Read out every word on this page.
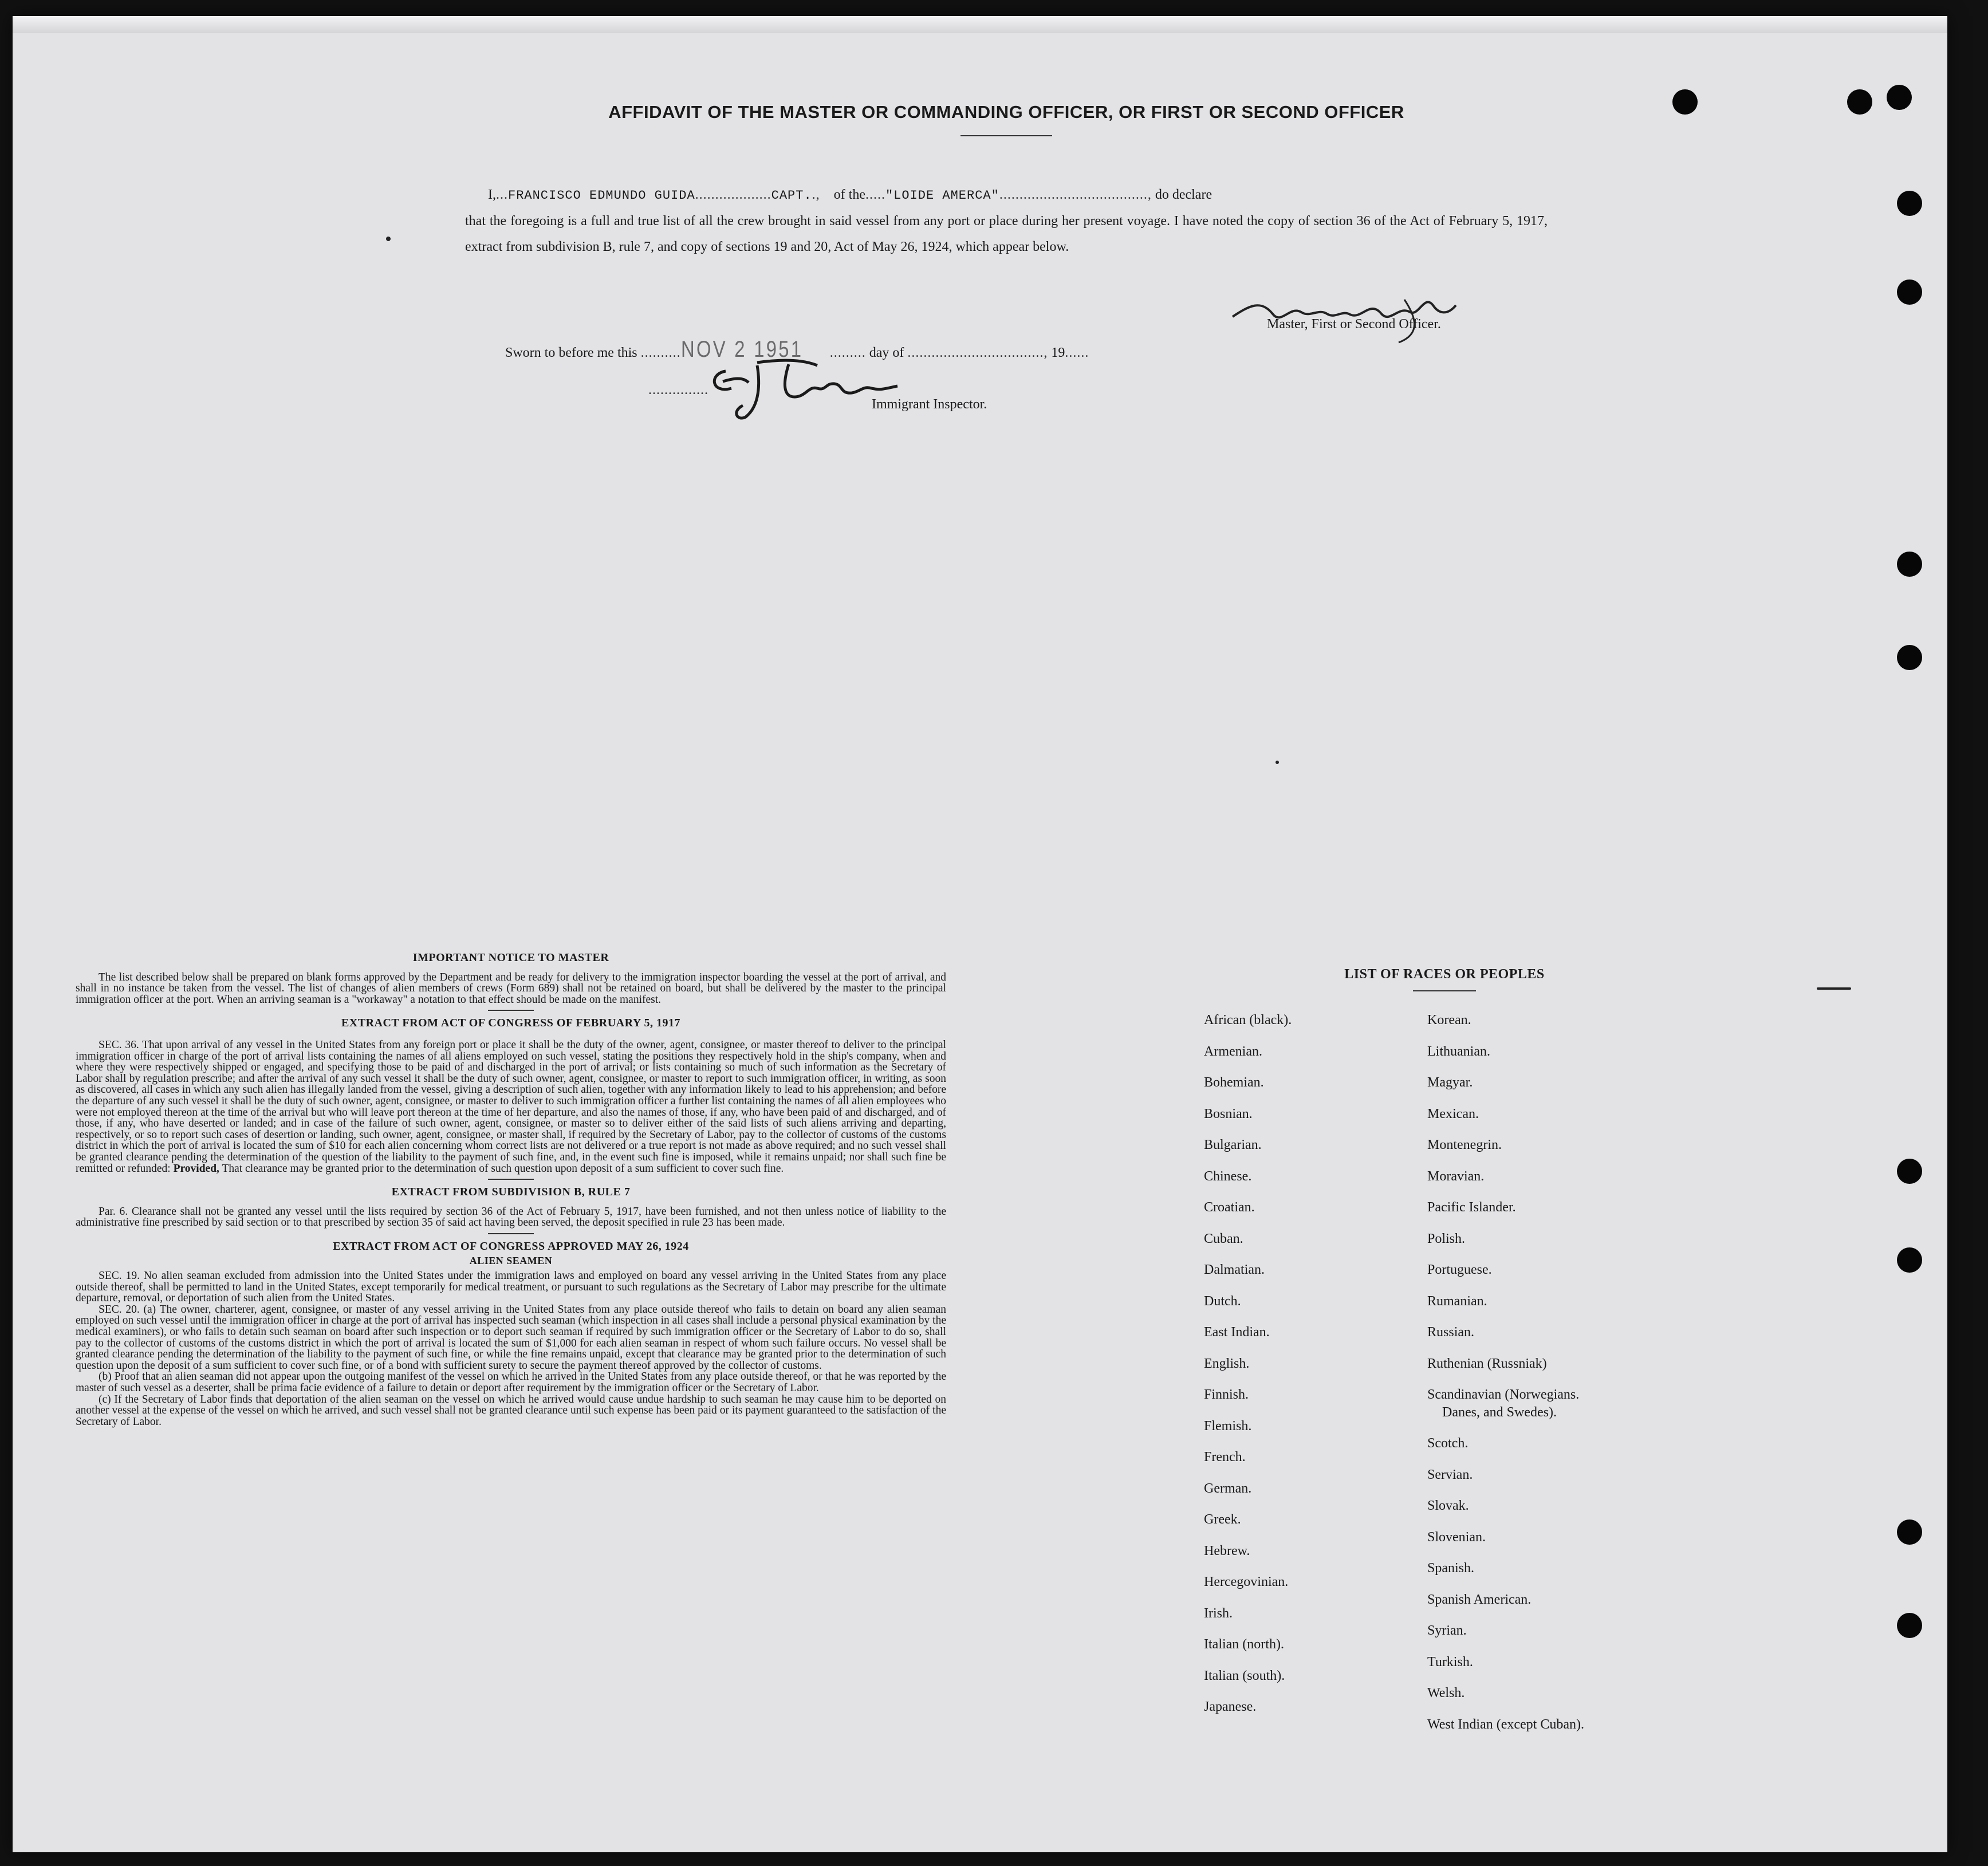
AFFIDAVIT OF THE MASTER OR COMMANDING OFFICER, OR FIRST OR SECOND OFFICER
I,...FRANCISCO EDMUNDO GUIDA...................CAPT.., of the....."LOIDE AMERCA"....................................., do declare
that the foregoing is a full and true list of all the crew brought in said vessel from any port or place during her present voyage. I have noted the copy of section 36 of the Act of February 5, 1917, extract from subdivision B, rule 7, and copy of sections 19 and 20, Act of May 26, 1924, which appear below.
Master, First or Second Officer.
Sworn to before me this ..........NOV 2 1951 ......... day of .................................., 19......
...............
Immigrant Inspector.
IMPORTANT NOTICE TO MASTER

The list described below shall be prepared on blank forms approved by the Department and be ready for delivery to the immigration inspector boarding the vessel at the port of arrival, and shall in no instance be taken from the vessel. The list of changes of alien members of crews (Form 689) shall not be retained on board, but shall be delivered by the master to the principal immigration officer at the port. When an arriving seaman is a "workaway" a notation to that effect should be made on the manifest.

EXTRACT FROM ACT OF CONGRESS OF FEBRUARY 5, 1917

SEC. 36. That upon arrival of any vessel in the United States from any foreign port or place it shall be the duty of the owner, agent, consignee, or master thereof to deliver to the principal immigration officer in charge of the port of arrival lists containing the names of all aliens employed on such vessel, stating the positions they respectively hold in the ship's company, when and where they were respectively shipped or engaged, and specifying those to be paid of and discharged in the port of arrival; or lists containing so much of such information as the Secretary of Labor shall by regulation prescribe; and after the arrival of any such vessel it shall be the duty of such owner, agent, consignee, or master to report to such immigration officer, in writing, as soon as discovered, all cases in which any such alien has illegally landed from the vessel, giving a description of such alien, together with any information likely to lead to his apprehension; and before the departure of any such vessel it shall be the duty of such owner, agent, consignee, or master to deliver to such immigration officer a further list containing the names of all alien employees who were not employed thereon at the time of the arrival but who will leave port thereon at the time of her departure, and also the names of those, if any, who have been paid of and discharged, and of those, if any, who have deserted or landed; and in case of the failure of such owner, agent, consignee, or master so to deliver either of the said lists of such aliens arriving and departing, respectively, or so to report such cases of desertion or landing, such owner, agent, consignee, or master shall, if required by the Secretary of Labor, pay to the collector of customs of the customs district in which the port of arrival is located the sum of $10 for each alien concerning whom correct lists are not delivered or a true report is not made as above required; and no such vessel shall be granted clearance pending the determination of the question of the liability to the payment of such fine, and, in the event such fine is imposed, while it remains unpaid; nor shall such fine be remitted or refunded: Provided, That clearance may be granted prior to the determination of such question upon deposit of a sum sufficient to cover such fine.

EXTRACT FROM SUBDIVISION B, RULE 7

Par. 6. Clearance shall not be granted any vessel until the lists required by section 36 of the Act of February 5, 1917, have been furnished, and not then unless notice of liability to the administrative fine prescribed by said section or to that prescribed by section 35 of said act having been served, the deposit specified in rule 23 has been made.

EXTRACT FROM ACT OF CONGRESS APPROVED MAY 26, 1924
ALIEN SEAMEN

SEC. 19. No alien seaman excluded from admission into the United States under the immigration laws and employed on board any vessel arriving in the United States from any place outside thereof, shall be permitted to land in the United States, except temporarily for medical treatment, or pursuant to such regulations as the Secretary of Labor may prescribe for the ultimate departure, removal, or deportation of such alien from the United States.

SEC. 20. (a) The owner, charterer, agent, consignee, or master of any vessel arriving in the United States from any place outside thereof who fails to detain on board any alien seaman employed on such vessel until the immigration officer in charge at the port of arrival has inspected such seaman (which inspection in all cases shall include a personal physical examination by the medical examiners), or who fails to detain such seaman on board after such inspection or to deport such seaman if required by such immigration officer or the Secretary of Labor to do so, shall pay to the collector of customs of the customs district in which the port of arrival is located the sum of $1,000 for each alien seaman in respect of whom such failure occurs. No vessel shall be granted clearance pending the determination of the liability to the payment of such fine, or while the fine remains unpaid, except that clearance may be granted prior to the determination of such question upon the deposit of a sum sufficient to cover such fine, or of a bond with sufficient surety to secure the payment thereof approved by the collector of customs.

(b) Proof that an alien seaman did not appear upon the outgoing manifest of the vessel on which he arrived in the United States from any place outside thereof, or that he was reported by the master of such vessel as a deserter, shall be prima facie evidence of a failure to detain or deport after requirement by the immigration officer or the Secretary of Labor.

(c) If the Secretary of Labor finds that deportation of the alien seaman on the vessel on which he arrived would cause undue hardship to such seaman he may cause him to be deported on another vessel at the expense of the vessel on which he arrived, and such vessel shall not be granted clearance until such expense has been paid or its payment guaranteed to the satisfaction of the Secretary of Labor.

LIST OF RACES OR PEOPLES
African (black).
Armenian.
Bohemian.
Bosnian.
Bulgarian.
Chinese.
Croatian.
Cuban.
Dalmatian.
Dutch.
East Indian.
English.
Finnish.
Flemish.
French.
German.
Greek.
Hebrew.
Hercegovinian.
Irish.
Italian (north).
Italian (south).
Japanese.
Korean.
Lithuanian.
Magyar.
Mexican.
Montenegrin.
Moravian.
Pacific Islander.
Polish.
Portuguese.
Rumanian.
Russian.
Ruthenian (Russniak)
Scandinavian (Norwegians.
Danes, and Swedes).
Scotch.
Servian.
Slovak.
Slovenian.
Spanish.
Spanish American.
Syrian.
Turkish.
Welsh.
West Indian (except Cuban).
